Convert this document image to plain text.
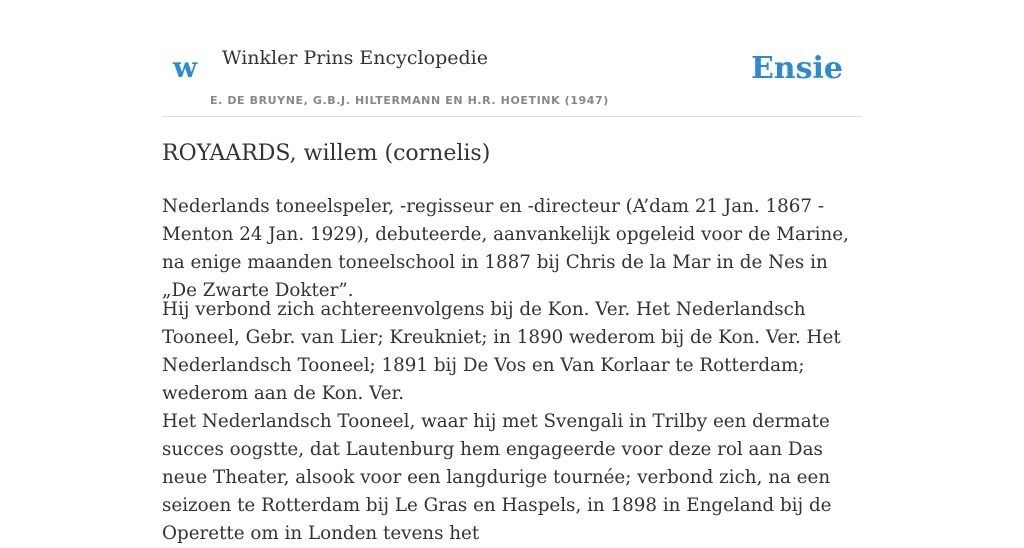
w Winkler Prins Encyclopedie
E. DE BRUYNE, G.B.J. HILTERMANN EN H.R. HOETINK (1947)
Ensie
ROYAARDS, willem (cornelis)

Nederlands toneelspeler, -regisseur en -directeur (A’dam 21 Jan. 1867 - Menton 24 Jan. 1929), debuteerde, aanvankelijk opgeleid voor de Marine, na enige maanden toneelschool in 1887 bij Chris de la Mar in de Nes in „De Zwarte Dokter”.

Hij verbond zich achtereenvolgens bij de Kon. Ver. Het Nederlandsch Tooneel, Gebr. van Lier; Kreukniet; in 1890 wederom bij de Kon. Ver. Het Nederlandsch Tooneel; 1891 bij De Vos en Van Korlaar te Rotterdam; wederom aan de Kon. Ver.

Het Nederlandsch Tooneel, waar hij met Svengali in Trilby een dermate succes oogstte, dat Lautenburg hem engageerde voor deze rol aan Das neue Theater, alsook voor een langdurige tournée; verbond zich, na een seizoen te Rotterdam bij Le Gras en Haspels, in 1898 in Engeland bij de Operette om in Londen tevens het
